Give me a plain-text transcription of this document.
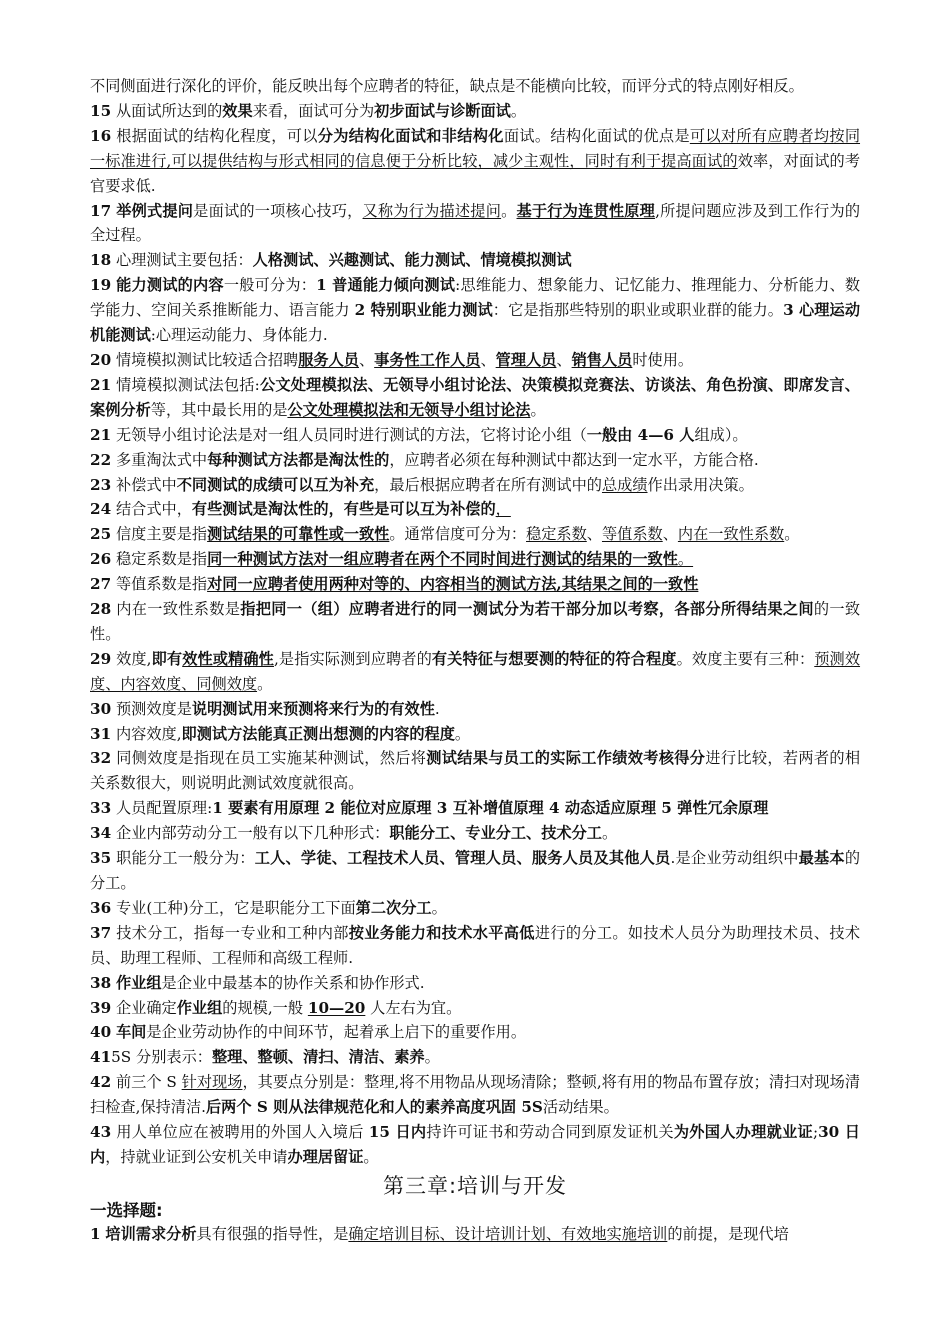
不同侧面进行深化的评价，能反映出每个应聘者的特征，缺点是不能横向比较，而评分式的特点刚好相反。
15 从面试所达到的效果来看，面试可分为初步面试与诊断面试。
16 根据面试的结构化程度，可以分为结构化面试和非结构化面试。结构化面试的优点是可以对所有应聘者均按同一标准进行,可以提供结构与形式相同的信息便于分析比较，减少主观性，同时有利于提高面试的效率，对面试的考官要求低.
17 举例式提问是面试的一项核心技巧，又称为行为描述提问。基于行为连贯性原理,所提问题应涉及到工作行为的全过程。
18 心理测试主要包括：人格测试、兴趣测试、能力测试、情境模拟测试
19 能力测试的内容一般可分为：1 普通能力倾向测试:思维能力、想象能力、记忆能力、推理能力、分析能力、数学能力、空间关系推断能力、语言能力 2 特别职业能力测试：它是指那些特别的职业或职业群的能力。3 心理运动机能测试:心理运动能力、身体能力.
20 情境模拟测试比较适合招聘服务人员、事务性工作人员、管理人员、销售人员时使用。
21 情境模拟测试法包括:公文处理模拟法、无领导小组讨论法、决策模拟竞赛法、访谈法、角色扮演、即席发言、案例分析等，其中最长用的是公文处理模拟法和无领导小组讨论法。
21 无领导小组讨论法是对一组人员同时进行测试的方法，它将讨论小组（一般由 4—6 人组成）。
22 多重淘汰式中每种测试方法都是淘汰性的，应聘者必须在每种测试中都达到一定水平，方能合格.
23 补偿式中不同测试的成绩可以互为补充，最后根据应聘者在所有测试中的总成绩作出录用决策。
24 结合式中，有些测试是淘汰性的，有些是可以互为补偿的，
25 信度主要是指测试结果的可靠性或一致性。通常信度可分为：稳定系数、等值系数、内在一致性系数。
26 稳定系数是指同一种测试方法对一组应聘者在两个不同时间进行测试的结果的一致性。
27 等值系数是指对同一应聘者使用两种对等的、内容相当的测试方法,其结果之间的一致性
28 内在一致性系数是指把同一（组）应聘者进行的同一测试分为若干部分加以考察，各部分所得结果之间的一致性。
29 效度,即有效性或精确性,是指实际测到应聘者的有关特征与想要测的特征的符合程度。效度主要有三种：预测效度、内容效度、同侧效度。
30 预测效度是说明测试用来预测将来行为的有效性.
31 内容效度,即测试方法能真正测出想测的内容的程度。
32 同侧效度是指现在员工实施某种测试，然后将测试结果与员工的实际工作绩效考核得分进行比较，若两者的相关系数很大，则说明此测试效度就很高。
33 人员配置原理:1 要素有用原理 2 能位对应原理 3 互补增值原理 4 动态适应原理 5 弹性冗余原理
34 企业内部劳动分工一般有以下几种形式：职能分工、专业分工、技术分工。
35 职能分工一般分为：工人、学徒、工程技术人员、管理人员、服务人员及其他人员.是企业劳动组织中最基本的分工。
36 专业(工种)分工，它是职能分工下面第二次分工。
37 技术分工，指每一专业和工种内部按业务能力和技术水平高低进行的分工。如技术人员分为助理技术员、技术员、助理工程师、工程师和高级工程师.
38 作业组是企业中最基本的协作关系和协作形式.
39 企业确定作业组的规模,一般 10—20 人左右为宜。
40 车间是企业劳动协作的中间环节，起着承上启下的重要作用。
415S 分别表示：整理、整顿、清扫、清洁、素养。
42 前三个 S 针对现场，其要点分别是：整理,将不用物品从现场清除；整顿,将有用的物品布置存放；清扫对现场清扫检查,保持清洁.后两个 S 则从法律规范化和人的素养高度巩固 5S活动结果。
43 用人单位应在被聘用的外国人入境后 15 日内持许可证书和劳动合同到原发证机关为外国人办理就业证;30 日内，持就业证到公安机关申请办理居留证。
第三章:培训与开发
一选择题:
1 培训需求分析具有很强的指导性，是确定培训目标、设计培训计划、有效地实施培训的前提，是现代培
